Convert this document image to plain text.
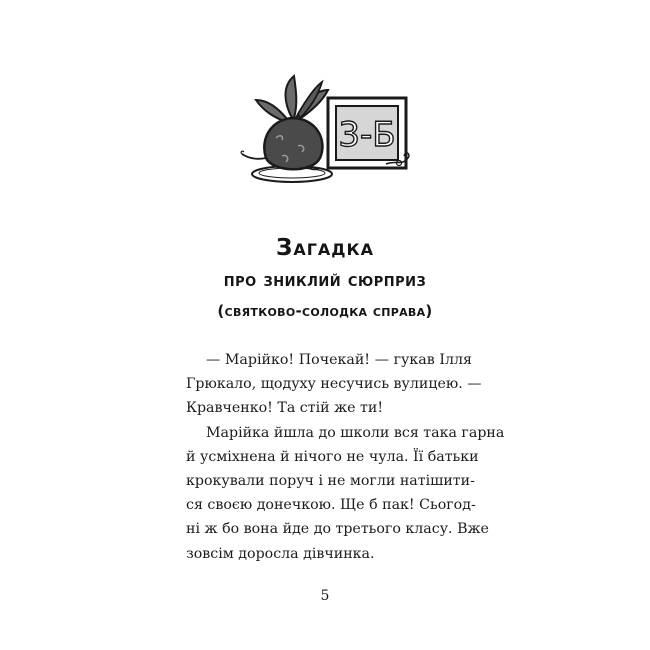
3-Б
Загадка
про зниклий сюрприз
(святково-солодка справа)
— Марійко! Почекай! — гукав Ілля
Грюкало, щодуху несучись вулицею. —
Кравченко! Та стій же ти!
Марійка йшла до школи вся така гарна
й усміхнена й нічого не чула. Її батьки
крокували поруч і не могли натішити-
ся своєю донечкою. Ще б пак! Сьогод-
ні ж бо вона йде до третього класу. Вже
зовсім доросла дівчинка.
5
